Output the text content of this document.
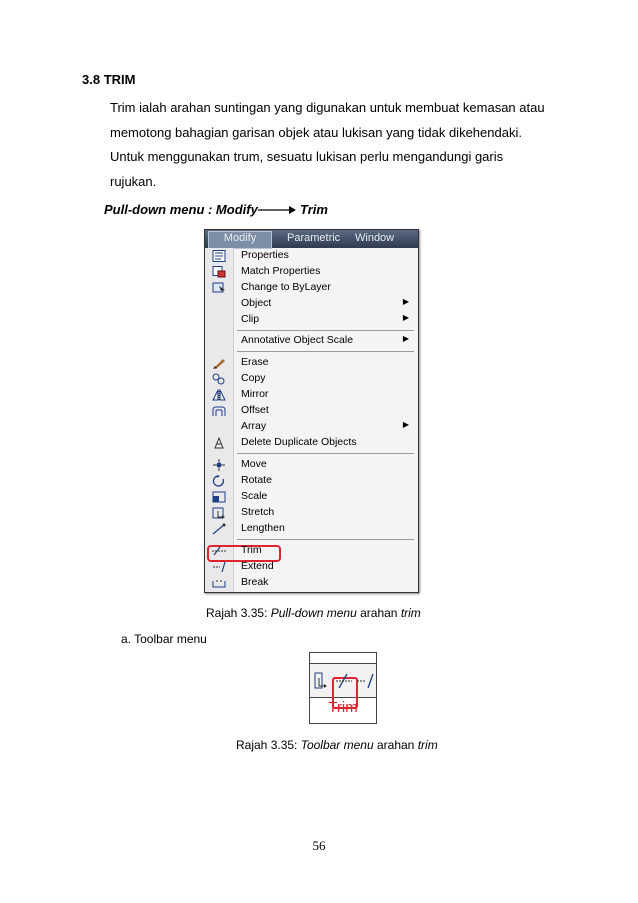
3.8 TRIM
Trim ialah arahan suntingan yang digunakan untuk membuat kemasan atau
memotong bahagian garisan objek atau lukisan yang tidak dikehendaki.
Untuk menggunakan trum, sesuatu lukisan perlu mengandungi garis
rujukan.
Pull-down menu : Modify	Trim
Modify	Parametric Window
Properties
Match Properties
Change to ByLayer
Object	▶
Clip	▶
Annotative Object Scale	▶
Erase
Copy
Mirror
Offset
Array	▶
Delete Duplicate Objects
Move
Rotate
Scale
Stretch
Lengthen
Trim
Extend
Break
Rajah 3.35: Pull-down menu arahan trim
a. Toolbar menu
Trim
Rajah 3.35: Toolbar menu arahan trim
56
